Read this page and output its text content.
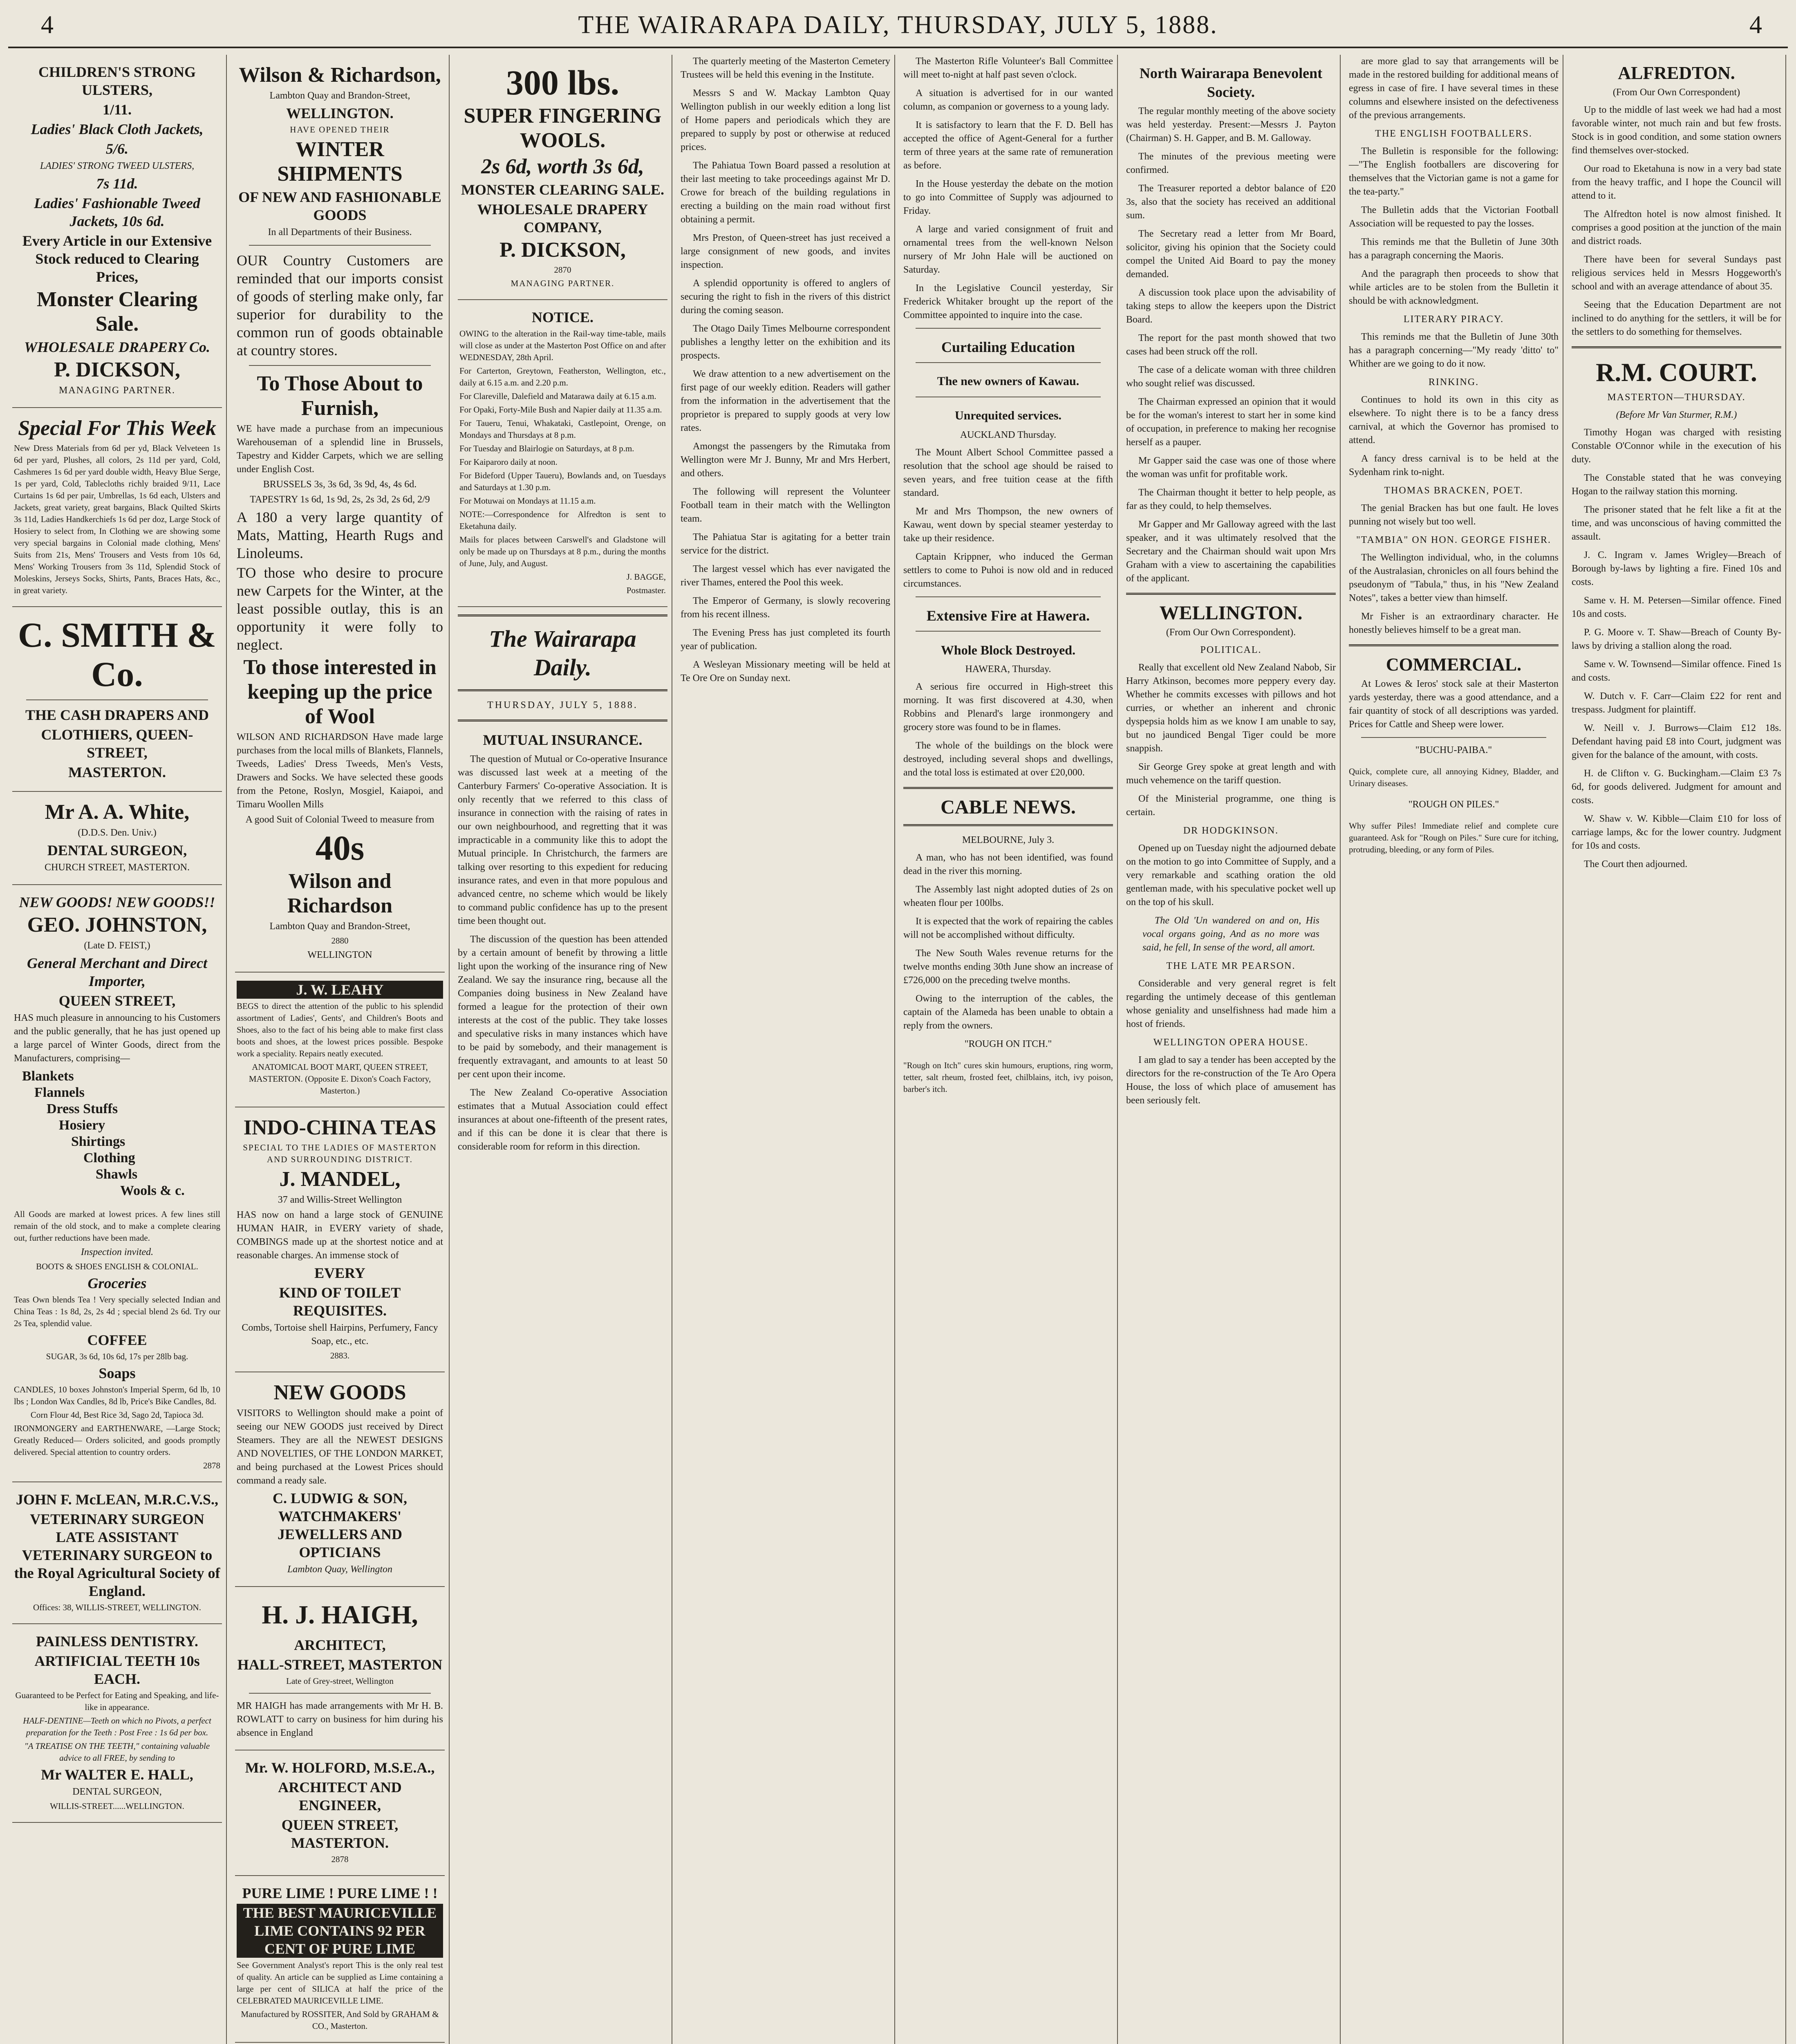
4	THE WAIRARAPA DAILY, THURSDAY, JULY 5, 1888.	4

CHILDREN'S STRONG ULSTERS,

1/11.

Ladies' Black Cloth Jackets,

5/6.

LADIES' STRONG TWEED ULSTERS,

7s 11d.

Ladies' Fashionable Tweed Jackets, 10s 6d.

Every Article in our Extensive Stock reduced to Clearing Prices,

Monster Clearing Sale.

WHOLESALE DRAPERY Co.

P. DICKSON,

MANAGING PARTNER.

Special For This Week

New Dress Materials from 6d per yd, Black Velveteen 1s 6d per yard, Plushes, all colors, 2s 11d per yard, Cold, Cashmeres 1s 6d per yard double width, Heavy Blue Serge, 1s per yard, Cold, Tablecloths richly braided 9/11, Lace Curtains 1s 6d per pair, Umbrellas, 1s 6d each, Ulsters and Jackets, great variety, great bargains, Black Quilted Skirts 3s 11d, Ladies Handkerchiefs 1s 6d per doz, Large Stock of Hosiery to select from, In Clothing we are showing some very special bargains in Colonial made clothing, Mens' Suits from 21s, Mens' Trousers and Vests from 10s 6d, Mens' Working Trousers from 3s 11d, Splendid Stock of Moleskins, Jerseys Socks, Shirts, Pants, Braces Hats, &c., in great variety.

C. SMITH & Co.

THE CASH DRAPERS AND

CLOTHIERS, QUEEN-STREET,

MASTERTON.

Mr A. A. White,

(D.D.S. Den. Univ.)

DENTAL SURGEON,

CHURCH STREET, MASTERTON.

NEW GOODS! NEW GOODS!!

GEO. JOHNSTON,

(Late D. FEIST,)

General Merchant and Direct Importer,

QUEEN STREET,

HAS much pleasure in announcing to his Customers and the public generally, that he has just opened up a large parcel of Winter Goods, direct from the Manufacturers, comprising—

Blankets
Flannels
Dress Stuffs
Hosiery
Shirtings
Clothing
Shawls
Wools & c.

All Goods are marked at lowest prices. A few lines still remain of the old stock, and to make a complete clearing out, further reductions have been made.

Inspection invited.

BOOTS & SHOES ENGLISH & COLONIAL.

Groceries

Teas Own blends Tea ! Very specially selected Indian and China Teas : 1s 8d, 2s, 2s 4d ; special blend 2s 6d. Try our 2s Tea, splendid value.

COFFEE

SUGAR, 3s 6d, 10s 6d, 17s per 28lb bag.

Soaps

CANDLES, 10 boxes Johnston's Imperial Sperm, 6d lb, 10 lbs ; London Wax Candles, 8d lb, Price's Bike Candles, 8d.

Corn Flour 4d, Best Rice 3d, Sago 2d, Tapioca 3d.

IRONMONGERY and EARTHENWARE, —Large Stock; Greatly Reduced— Orders solicited, and goods promptly delivered. Special attention to country orders.

2878

JOHN F. McLEAN, M.R.C.V.S.,

VETERINARY SURGEON LATE ASSISTANT VETERINARY SURGEON to the Royal Agricultural Society of England.

Offices: 38, WILLIS-STREET, WELLINGTON.

PAINLESS DENTISTRY.

ARTIFICIAL TEETH 10s EACH.

Guaranteed to be Perfect for Eating and Speaking, and life-like in appearance.

HALF-DENTINE—Teeth on which no Pivots, a perfect preparation for the Teeth : Post Free : 1s 6d per box.

"A TREATISE ON THE TEETH," containing valuable advice to all FREE, by sending to

Mr WALTER E. HALL,

DENTAL SURGEON,

WILLIS-STREET......WELLINGTON.

Wilson & Richardson,

Lambton Quay and Brandon-Street,

WELLINGTON.

HAVE OPENED THEIR

WINTER SHIPMENTS

OF NEW AND FASHIONABLE GOODS

In all Departments of their Business.

OUR Country Customers are reminded that our imports consist of goods of sterling make only, far superior for durability to the common run of goods obtainable at country stores.

To Those About to Furnish,

WE have made a purchase from an impecunious Warehouseman of a splendid line in Brussels, Tapestry and Kidder Carpets, which we are selling under English Cost.

BRUSSELS 3s, 3s 6d, 3s 9d, 4s, 4s 6d.

TAPESTRY 1s 6d, 1s 9d, 2s, 2s 3d, 2s 6d, 2/9

A 180 a very large quantity of Mats, Matting, Hearth Rugs and Linoleums.

TO those who desire to procure new Carpets for the Winter, at the least possible outlay, this is an opportunity it were folly to neglect.

To those interested in keeping up the price of Wool

WILSON AND RICHARDSON Have made large purchases from the local mills of Blankets, Flannels, Tweeds, Ladies' Dress Tweeds, Men's Vests, Drawers and Socks. We have selected these goods from the Petone, Roslyn, Mosgiel, Kaiapoi, and Timaru Woollen Mills

A good Suit of Colonial Tweed to measure from

40s

Wilson and Richardson

Lambton Quay and Brandon-Street,

2880

WELLINGTON

J. W. LEAHY

BEGS to direct the attention of the public to his splendid assortment of Ladies', Gents', and Children's Boots and Shoes, also to the fact of his being able to make first class boots and shoes, at the lowest prices possible. Bespoke work a speciality. Repairs neatly executed.

ANATOMICAL BOOT MART, QUEEN STREET, MASTERTON. (Opposite E. Dixon's Coach Factory, Masterton.)

INDO-CHINA TEAS

SPECIAL TO THE LADIES OF MASTERTON AND SURROUNDING DISTRICT.

J. MANDEL,

37 and Willis-Street Wellington

HAS now on hand a large stock of GENUINE HUMAN HAIR, in EVERY variety of shade, COMBINGS made up at the shortest notice and at reasonable charges. An immense stock of

EVERY

KIND OF TOILET REQUISITES.

Combs, Tortoise shell Hairpins, Perfumery, Fancy Soap, etc., etc.

2883.

NEW GOODS

VISITORS to Wellington should make a point of seeing our NEW GOODS just received by Direct Steamers. They are all the NEWEST DESIGNS AND NOVELTIES, OF THE LONDON MARKET, and being purchased at the Lowest Prices should command a ready sale.

C. LUDWIG & SON, WATCHMAKERS' JEWELLERS AND OPTICIANS

Lambton Quay, Wellington

H. J. HAIGH,

ARCHITECT,

HALL-STREET, MASTERTON

Late of Grey-street, Wellington

MR HAIGH has made arrangements with Mr H. B. ROWLATT to carry on business for him during his absence in England

Mr. W. HOLFORD, M.S.E.A.,

ARCHITECT AND ENGINEER,

QUEEN STREET, MASTERTON.

2878

PURE LIME ! PURE LIME ! !

THE BEST MAURICEVILLE LIME CONTAINS 92 PER CENT OF PURE LIME

See Government Analyst's report This is the only real test of quality. An article can be supplied as Lime containing a large per cent of SILICA at half the price of the CELEBRATED MAURICEVILLE LIME.

Manufactured by ROSSITER, And Sold by GRAHAM & CO., Masterton.

300 lbs.

SUPER FINGERING WOOLS.

2s 6d, worth 3s 6d,

MONSTER CLEARING SALE.

WHOLESALE DRAPERY COMPANY,

P. DICKSON,

2870

MANAGING PARTNER.

NOTICE.

OWING to the alteration in the Rail-way time-table, mails will close as under at the Masterton Post Office on and after WEDNESDAY, 28th April.

For Carterton, Greytown, Featherston, Wellington, etc., daily at 6.15 a.m. and 2.20 p.m.

For Clareville, Dalefield and Matarawa daily at 6.15 a.m.

For Opaki, Forty-Mile Bush and Napier daily at 11.35 a.m.

For Taueru, Tenui, Whakataki, Castlepoint, Orenge, on Mondays and Thursdays at 8 p.m.

For Tuesday and Blairlogie on Saturdays, at 8 p.m.

For Kaiparoro daily at noon.

For Bideford (Upper Taueru), Bowlands and, on Tuesdays and Saturdays at 1.30 p.m.

For Motuwai on Mondays at 11.15 a.m.

NOTE:—Correspondence for Alfredton is sent to Eketahuna daily.

Mails for places between Carswell's and Gladstone will only be made up on Thursdays at 8 p.m., during the months of June, July, and August.

J. BAGGE,

Postmaster.

The Wairarapa Daily.

THURSDAY, JULY 5, 1888.

MUTUAL INSURANCE.

The question of Mutual or Co-operative Insurance was discussed last week at a meeting of the Canterbury Farmers' Co-operative Association. It is only recently that we referred to this class of insurance in connection with the raising of rates in our own neighbourhood, and regretting that it was impracticable in a community like this to adopt the Mutual principle. In Christchurch, the farmers are talking over resorting to this expedient for reducing insurance rates, and even in that more populous and advanced centre, no scheme which would be likely to command public confidence has up to the present time been thought out.

The discussion of the question has been attended by a certain amount of benefit by throwing a little light upon the working of the insurance ring of New Zealand. We say the insurance ring, because all the Companies doing business in New Zealand have formed a league for the protection of their own interests at the cost of the public. They take losses and speculative risks in many instances which have to be paid by somebody, and their management is frequently extravagant, and amounts to at least 50 per cent upon their income.

The New Zealand Co-operative Association estimates that a Mutual Association could effect insurances at about one-fifteenth of the present rates, and if this can be done it is clear that there is considerable room for reform in this direction.

The quarterly meeting of the Masterton Cemetery Trustees will be held this evening in the Institute.

Messrs S and W. Mackay Lambton Quay Wellington publish in our weekly edition a long list of Home papers and periodicals which they are prepared to supply by post or otherwise at reduced prices.

The Pahiatua Town Board passed a resolution at their last meeting to take proceedings against Mr D. Crowe for breach of the building regulations in erecting a building on the main road without first obtaining a permit.

Mrs Preston, of Queen-street has just received a large consignment of new goods, and invites inspection.

A splendid opportunity is offered to anglers of securing the right to fish in the rivers of this district during the coming season.

The Otago Daily Times Melbourne correspondent publishes a lengthy letter on the exhibition and its prospects.

We draw attention to a new advertisement on the first page of our weekly edition. Readers will gather from the information in the advertisement that the proprietor is prepared to supply goods at very low rates.

Amongst the passengers by the Rimutaka from Wellington were Mr J. Bunny, Mr and Mrs Herbert, and others.

The following will represent the Volunteer Football team in their match with the Wellington team.

The Pahiatua Star is agitating for a better train service for the district.

The largest vessel which has ever navigated the river Thames, entered the Pool this week.

The Emperor of Germany, is slowly recovering from his recent illness.

The Evening Press has just completed its fourth year of publication.

A Wesleyan Missionary meeting will be held at Te Ore Ore on Sunday next.

The Masterton Rifle Volunteer's Ball Committee will meet to-night at half past seven o'clock.

A situation is advertised for in our wanted column, as companion or governess to a young lady.

It is satisfactory to learn that the F. D. Bell has accepted the office of Agent-General for a further term of three years at the same rate of remuneration as before.

In the House yesterday the debate on the motion to go into Committee of Supply was adjourned to Friday.

A large and varied consignment of fruit and ornamental trees from the well-known Nelson nursery of Mr John Hale will be auctioned on Saturday.

In the Legislative Council yesterday, Sir Frederick Whitaker brought up the report of the Committee appointed to inquire into the case.

Curtailing Education

The new owners of Kawau.

Unrequited services.

AUCKLAND Thursday.

The Mount Albert School Committee passed a resolution that the school age should be raised to seven years, and free tuition cease at the fifth standard.

Mr and Mrs Thompson, the new owners of Kawau, went down by special steamer yesterday to take up their residence.

Captain Krippner, who induced the German settlers to come to Puhoi is now old and in reduced circumstances.

Extensive Fire at Hawera.

Whole Block Destroyed.

HAWERA, Thursday.

A serious fire occurred in High-street this morning. It was first discovered at 4.30, when Robbins and Plenard's large ironmongery and grocery store was found to be in flames.

The whole of the buildings on the block were destroyed, including several shops and dwellings, and the total loss is estimated at over £20,000.

CABLE NEWS.

MELBOURNE, July 3.

A man, who has not been identified, was found dead in the river this morning.

The Assembly last night adopted duties of 2s on wheaten flour per 100lbs.

It is expected that the work of repairing the cables will not be accomplished without difficulty.

The New South Wales revenue returns for the twelve months ending 30th June show an increase of £726,000 on the preceding twelve months.

Owing to the interruption of the cables, the captain of the Alameda has been unable to obtain a reply from the owners.

"ROUGH ON ITCH."

"Rough on Itch" cures skin humours, eruptions, ring worm, tetter, salt rheum, frosted feet, chilblains, itch, ivy poison, barber's itch.

North Wairarapa Benevolent Society.

The regular monthly meeting of the above society was held yesterday. Present:—Messrs J. Payton (Chairman) S. H. Gapper, and B. M. Galloway.

The minutes of the previous meeting were confirmed.

The Treasurer reported a debtor balance of £20 3s, also that the society has received an additional sum.

The Secretary read a letter from Mr Board, solicitor, giving his opinion that the Society could compel the United Aid Board to pay the money demanded.

A discussion took place upon the advisability of taking steps to allow the keepers upon the District Board.

The report for the past month showed that two cases had been struck off the roll.

The case of a delicate woman with three children who sought relief was discussed.

The Chairman expressed an opinion that it would be for the woman's interest to start her in some kind of occupation, in preference to making her recognise herself as a pauper.

Mr Gapper said the case was one of those where the woman was unfit for profitable work.

The Chairman thought it better to help people, as far as they could, to help themselves.

Mr Gapper and Mr Galloway agreed with the last speaker, and it was ultimately resolved that the Secretary and the Chairman should wait upon Mrs Graham with a view to ascertaining the capabilities of the applicant.

WELLINGTON.

(From Our Own Correspondent).

POLITICAL.

Really that excellent old New Zealand Nabob, Sir Harry Atkinson, becomes more peppery every day. Whether he commits excesses with pillows and hot curries, or whether an inherent and chronic dyspepsia holds him as we know I am unable to say, but no jaundiced Bengal Tiger could be more snappish.

Sir George Grey spoke at great length and with much vehemence on the tariff question.

Of the Ministerial programme, one thing is certain.

DR HODGKINSON.

Opened up on Tuesday night the adjourned debate on the motion to go into Committee of Supply, and a very remarkable and scathing oration the old gentleman made, with his speculative pocket well up on the top of his skull.

The Old 'Un wandered on and on, His vocal organs going, And as no more was said, he fell, In sense of the word, all amort.

THE LATE MR PEARSON.

Considerable and very general regret is felt regarding the untimely decease of this gentleman whose geniality and unselfishness had made him a host of friends.

WELLINGTON OPERA HOUSE.

I am glad to say a tender has been accepted by the directors for the re-construction of the Te Aro Opera House, the loss of which place of amusement has been seriously felt.

are more glad to say that arrangements will be made in the restored building for additional means of egress in case of fire. I have several times in these columns and elsewhere insisted on the defectiveness of the previous arrangements.

THE ENGLISH FOOTBALLERS.

The Bulletin is responsible for the following:—"The English footballers are discovering for themselves that the Victorian game is not a game for the tea-party."

The Bulletin adds that the Victorian Football Association will be requested to pay the losses.

This reminds me that the Bulletin of June 30th has a paragraph concerning the Maoris.

And the paragraph then proceeds to show that while articles are to be stolen from the Bulletin it should be with acknowledgment.

LITERARY PIRACY.

This reminds me that the Bulletin of June 30th has a paragraph concerning—"My ready 'ditto' to" Whither are we going to do it now.

RINKING.

Continues to hold its own in this city as elsewhere. To night there is to be a fancy dress carnival, at which the Governor has promised to attend.

A fancy dress carnival is to be held at the Sydenham rink to-night.

THOMAS BRACKEN, POET.

The genial Bracken has but one fault. He loves punning not wisely but too well.

"TAMBIA" ON HON. GEORGE FISHER.

The Wellington individual, who, in the columns of the Australasian, chronicles on all fours behind the pseudonym of "Tabula," thus, in his "New Zealand Notes", takes a better view than himself.

Mr Fisher is an extraordinary character. He honestly believes himself to be a great man.

COMMERCIAL.

At Lowes & Ieros' stock sale at their Masterton yards yesterday, there was a good attendance, and a fair quantity of stock of all descriptions was yarded. Prices for Cattle and Sheep were lower.

"BUCHU-PAIBA."

Quick, complete cure, all annoying Kidney, Bladder, and Urinary diseases.

"ROUGH ON PILES."

Why suffer Piles! Immediate relief and complete cure guaranteed. Ask for "Rough on Piles." Sure cure for itching, protruding, bleeding, or any form of Piles.

ALFREDTON.

(From Our Own Correspondent)

Up to the middle of last week we had had a most favorable winter, not much rain and but few frosts. Stock is in good condition, and some station owners find themselves over-stocked.

Our road to Eketahuna is now in a very bad state from the heavy traffic, and I hope the Council will attend to it.

The Alfredton hotel is now almost finished. It comprises a good position at the junction of the main and district roads.

There have been for several Sundays past religious services held in Messrs Hoggeworth's school and with an average attendance of about 35.

Seeing that the Education Department are not inclined to do anything for the settlers, it will be for the settlers to do something for themselves.

R.M. COURT.

MASTERTON—THURSDAY.

(Before Mr Van Sturmer, R.M.)

Timothy Hogan was charged with resisting Constable O'Connor while in the execution of his duty.

The Constable stated that he was conveying Hogan to the railway station this morning.

The prisoner stated that he felt like a fit at the time, and was unconscious of having committed the assault.

J. C. Ingram v. James Wrigley—Breach of Borough by-laws by lighting a fire. Fined 10s and costs.

Same v. H. M. Petersen—Similar offence. Fined 10s and costs.

P. G. Moore v. T. Shaw—Breach of County By-laws by driving a stallion along the road.

Same v. W. Townsend—Similar offence. Fined 1s and costs.

W. Dutch v. F. Carr—Claim £22 for rent and trespass. Judgment for plaintiff.

W. Neill v. J. Burrows—Claim £12 18s. Defendant having paid £8 into Court, judgment was given for the balance of the amount, with costs.

H. de Clifton v. G. Buckingham.—Claim £3 7s 6d, for goods delivered. Judgment for amount and costs.

W. Shaw v. W. Kibble—Claim £10 for loss of carriage lamps, &c for the lower country. Judgment for 10s and costs.

The Court then adjourned.
